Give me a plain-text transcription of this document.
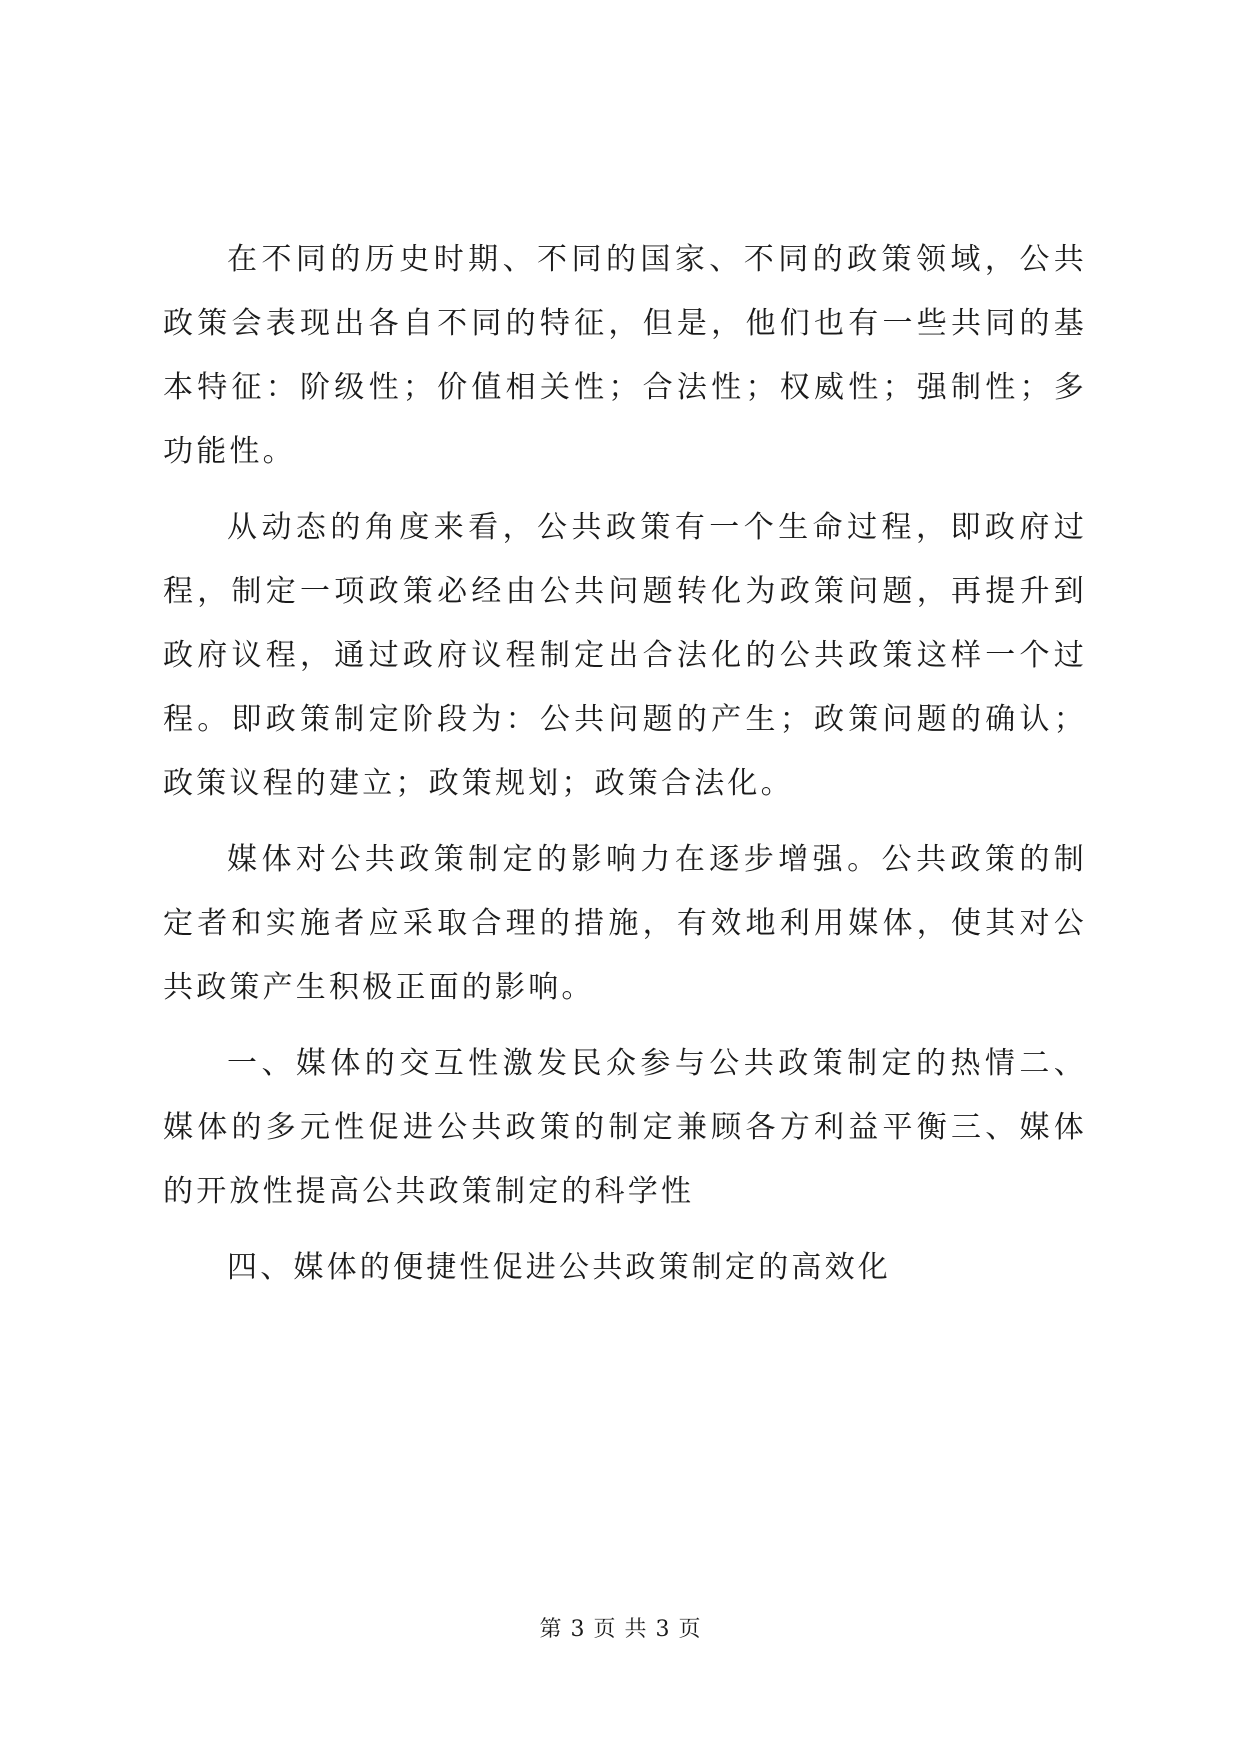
在不同的历史时期、不同的国家、不同的政策领域，公共政策会表现出各自不同的特征，但是，他们也有一些共同的基本特征：阶级性；价值相关性；合法性；权威性；强制性；多功能性。

从动态的角度来看，公共政策有一个生命过程，即政府过程，制定一项政策必经由公共问题转化为政策问题，再提升到政府议程，通过政府议程制定出合法化的公共政策这样一个过程。即政策制定阶段为：公共问题的产生；政策问题的确认；政策议程的建立；政策规划；政策合法化。

媒体对公共政策制定的影响力在逐步增强。公共政策的制定者和实施者应采取合理的措施，有效地利用媒体，使其对公共政策产生积极正面的影响。

一、媒体的交互性激发民众参与公共政策制定的热情二、媒体的多元性促进公共政策的制定兼顾各方利益平衡三、媒体的开放性提高公共政策制定的科学性

四、媒体的便捷性促进公共政策制定的高效化

第 3 页 共 3 页
